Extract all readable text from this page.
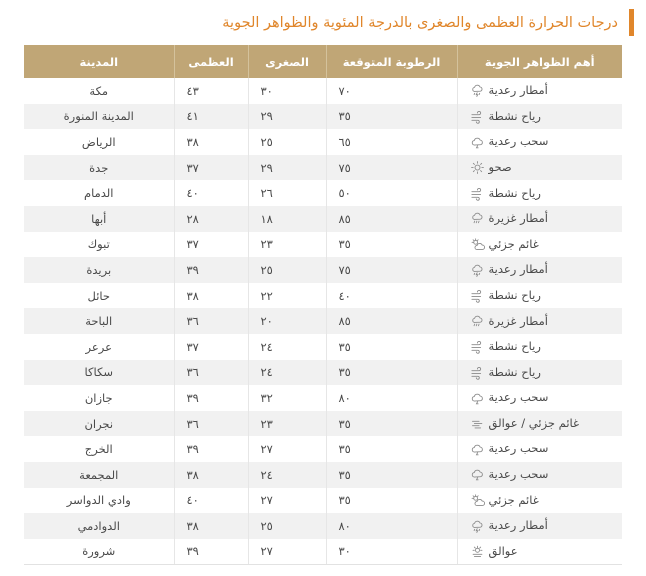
درجات الحرارة العظمى والصغرى بالدرجة المئوية والظواهر الجوية
أهم الظواهر الجوية	الرطوبة المتوقعة	الصغرى	العظمى	المدينة

أمطار رعدية	٧٠	٣٠	٤٣	مكة

رياح نشطة	٣٥	٢٩	٤١	المدينة المنورة

سحب رعدية	٦٥	٢٥	٣٨	الرياض

صحو	٧٥	٢٩	٣٧	جدة

رياح نشطة	٥٠	٢٦	٤٠	الدمام

أمطار غزيرة	٨٥	١٨	٢٨	أبها

غائم جزئي	٣٥	٢٣	٣٧	تبوك

أمطار رعدية	٧٥	٢٥	٣٩	بريدة

رياح نشطة	٤٠	٢٢	٣٨	حائل

أمطار غزيرة	٨٥	٢٠	٣٦	الباحة

رياح نشطة	٣٥	٢٤	٣٧	عرعر

رياح نشطة	٣٥	٢٤	٣٦	سكاكا

سحب رعدية	٨٠	٣٢	٣٩	جازان

غائم جزئي / عوالق	٣٥	٢٣	٣٦	نجران

سحب رعدية	٣٥	٢٧	٣٩	الخرج

سحب رعدية	٣٥	٢٤	٣٨	المجمعة

غائم جزئي	٣٥	٢٧	٤٠	وادي الدواسر

أمطار رعدية	٨٠	٢٥	٣٨	الدوادمي

عوالق	٣٠	٢٧	٣٩	شرورة
